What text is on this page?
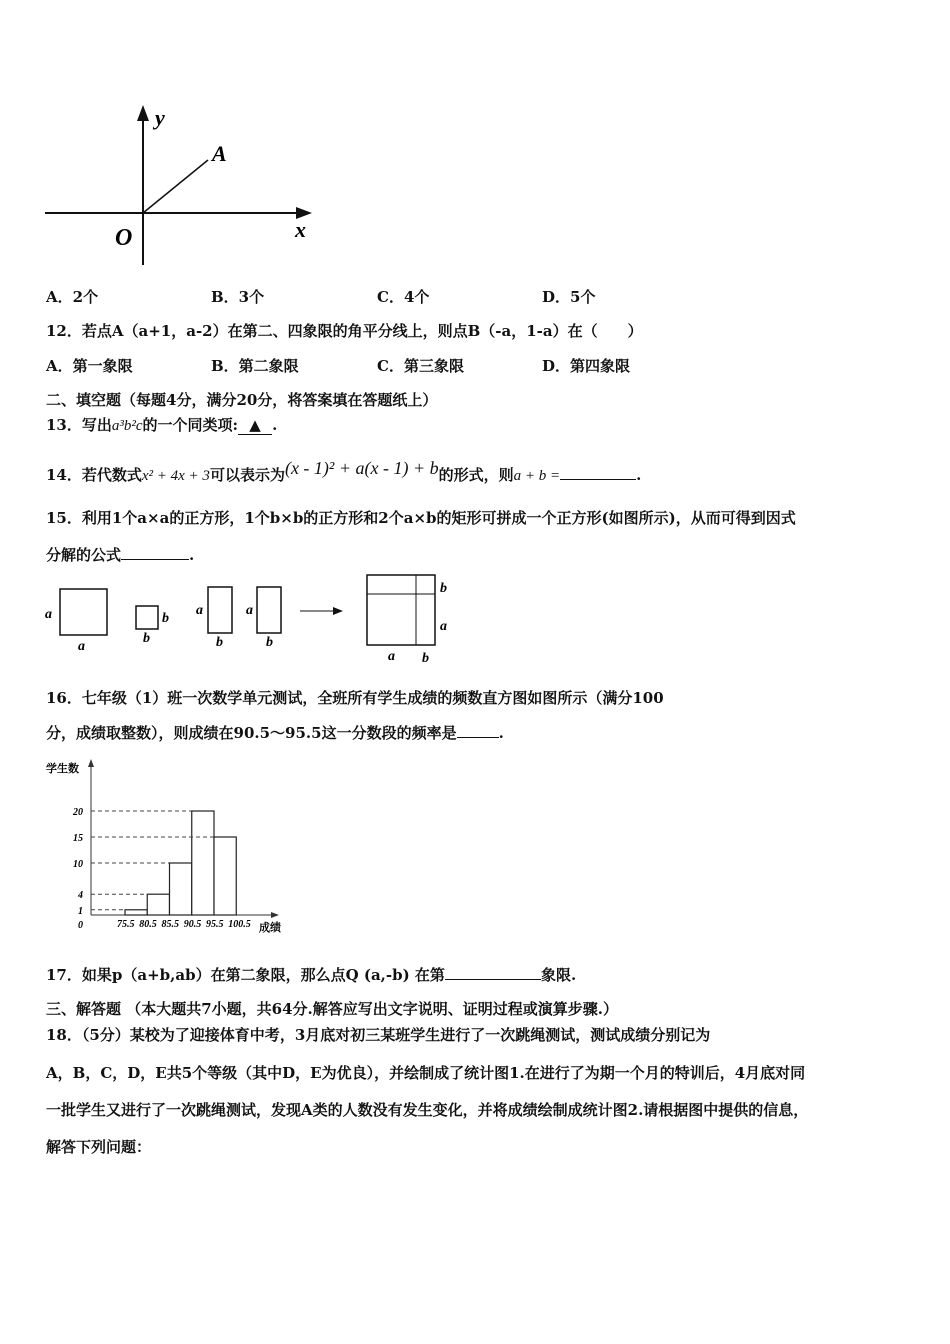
y
A
O	x
A．2个	B．3个	C．4个	D．5个
12．若点A（a+1，a-2）在第二、四象限的角平分线上，则点B（-a，1-a）在（　　）
A．第一象限	B．第二象限	C．第三象限	D．第四象限
二、填空题（每题4分，满分20分，将答案填在答题纸上）
13．写出a³b²c的一个同类项: ▲ .
14．若代数式x² + 4x + 3可以表示为(x - 1)² + a(x - 1) + b的形式，则a + b =	.
15．利用1个a×a的正方形，1个b×b的正方形和2个a×b的矩形可拼成一个正方形(如图所示)，从而可得到因式
分解的公式	.
a
a
b
b
a
b
a
b
b
a
a b
16．七年级（1）班一次数学单元测试，全班所有学生成绩的频数直方图如图所示（满分100
分，成绩取整数），则成绩在90.5～95.5这一分数段的频率是	.
学生数
成绩
75.5 80.5 85.5 90.5 95.5 100.5
0
1
4
10
15
20
17．如果p（a+b,ab）在第二象限，那么点Q (a,-b) 在第	象限.
三、解答题 （本大题共7小题，共64分.解答应写出文字说明、证明过程或演算步骤.）
18．（5分）某校为了迎接体育中考，3月底对初三某班学生进行了一次跳绳测试，测试成绩分别记为
A，B，C，D，E共5个等级（其中D，E为优良），并绘制成了统计图1.在进行了为期一个月的特训后，4月底对同
一批学生又进行了一次跳绳测试，发现A类的人数没有发生变化，并将成绩绘制成统计图2.请根据图中提供的信息，
解答下列问题：
